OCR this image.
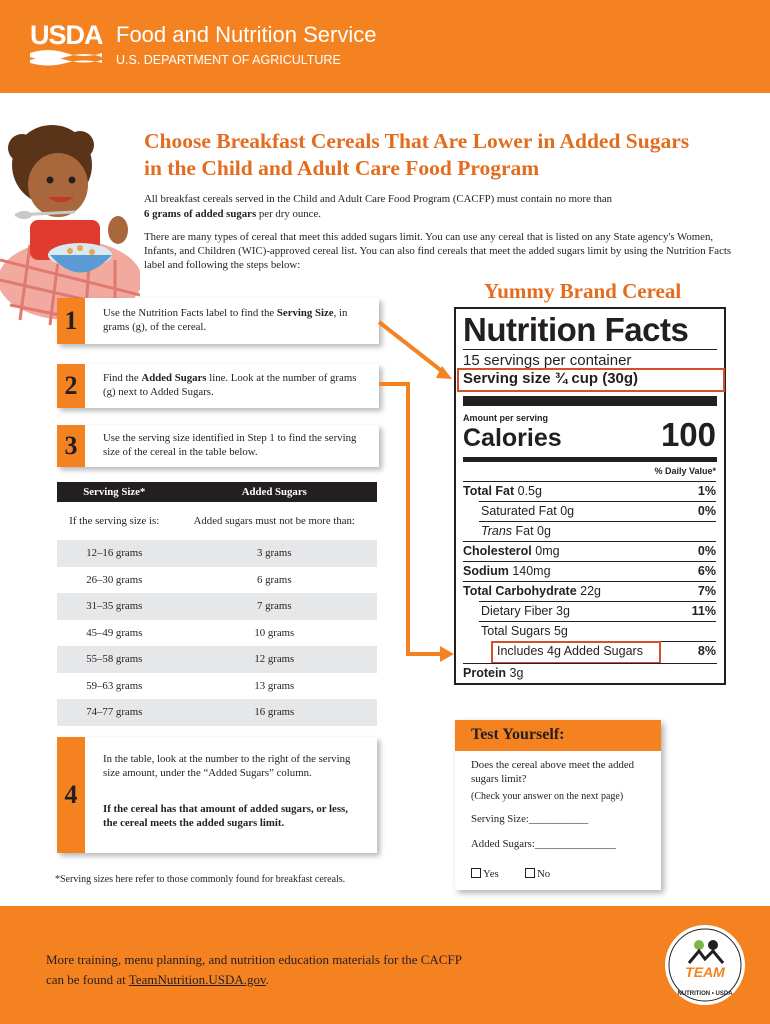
USDA Food and Nutrition Service
U.S. DEPARTMENT OF AGRICULTURE
Choose Breakfast Cereals That Are Lower in Added Sugars
in the Child and Adult Care Food Program
All breakfast cereals served in the Child and Adult Care Food Program (CACFP) must contain no more than
6 grams of added sugars per dry ounce.
There are many types of cereal that meet this added sugars limit. You can use any cereal that is listed on any State agency's Women, Infants, and Children (WIC)-approved cereal list. You can also find cereals that meet the added sugars limit by using the Nutrition Facts label and following the steps below:
1	Use the Nutrition Facts label to find the Serving Size, in grams (g), of the cereal.
2	Find the Added Sugars line. Look at the number of grams (g) next to Added Sugars.
3	Use the serving size identified in Step 1 to find the serving size of the cereal in the table below.
Serving Size*	Added Sugars
If the serving size is:	Added sugars must not be more than:
12–16 grams	3 grams
26–30 grams	6 grams
31–35 grams	7 grams
45–49 grams	10 grams
55–58 grams	12 grams
59–63 grams	13 grams
74–77 grams	16 grams
4
In the table, look at the number to the right of the serving size amount, under the “Added Sugars” column.
If the cereal has that amount of added sugars, or less, the cereal meets the added sugars limit.
*Serving sizes here refer to those commonly found for breakfast cereals.
Yummy Brand Cereal
Nutrition Facts
15 servings per container
Serving size ¾ cup (30g)
Amount per serving
Calories	100
% Daily Value*
Total Fat 0.5g	1%
Saturated Fat 0g	0%
Trans Fat 0g
Cholesterol 0mg	0%
Sodium 140mg	6%
Total Carbohydrate 22g	7%
Dietary Fiber 3g	11%
Total Sugars 5g
Includes 4g Added Sugars	8%
Protein 3g
Test Yourself:
Does the cereal above meet the added sugars limit?
(Check your answer on the next page)
Serving Size:___________
Added Sugars:_______________
Yes	No
More training, menu planning, and nutrition education materials for the CACFP
can be found at TeamNutrition.USDA.gov.	TEAM
NUTRITION • USDA
